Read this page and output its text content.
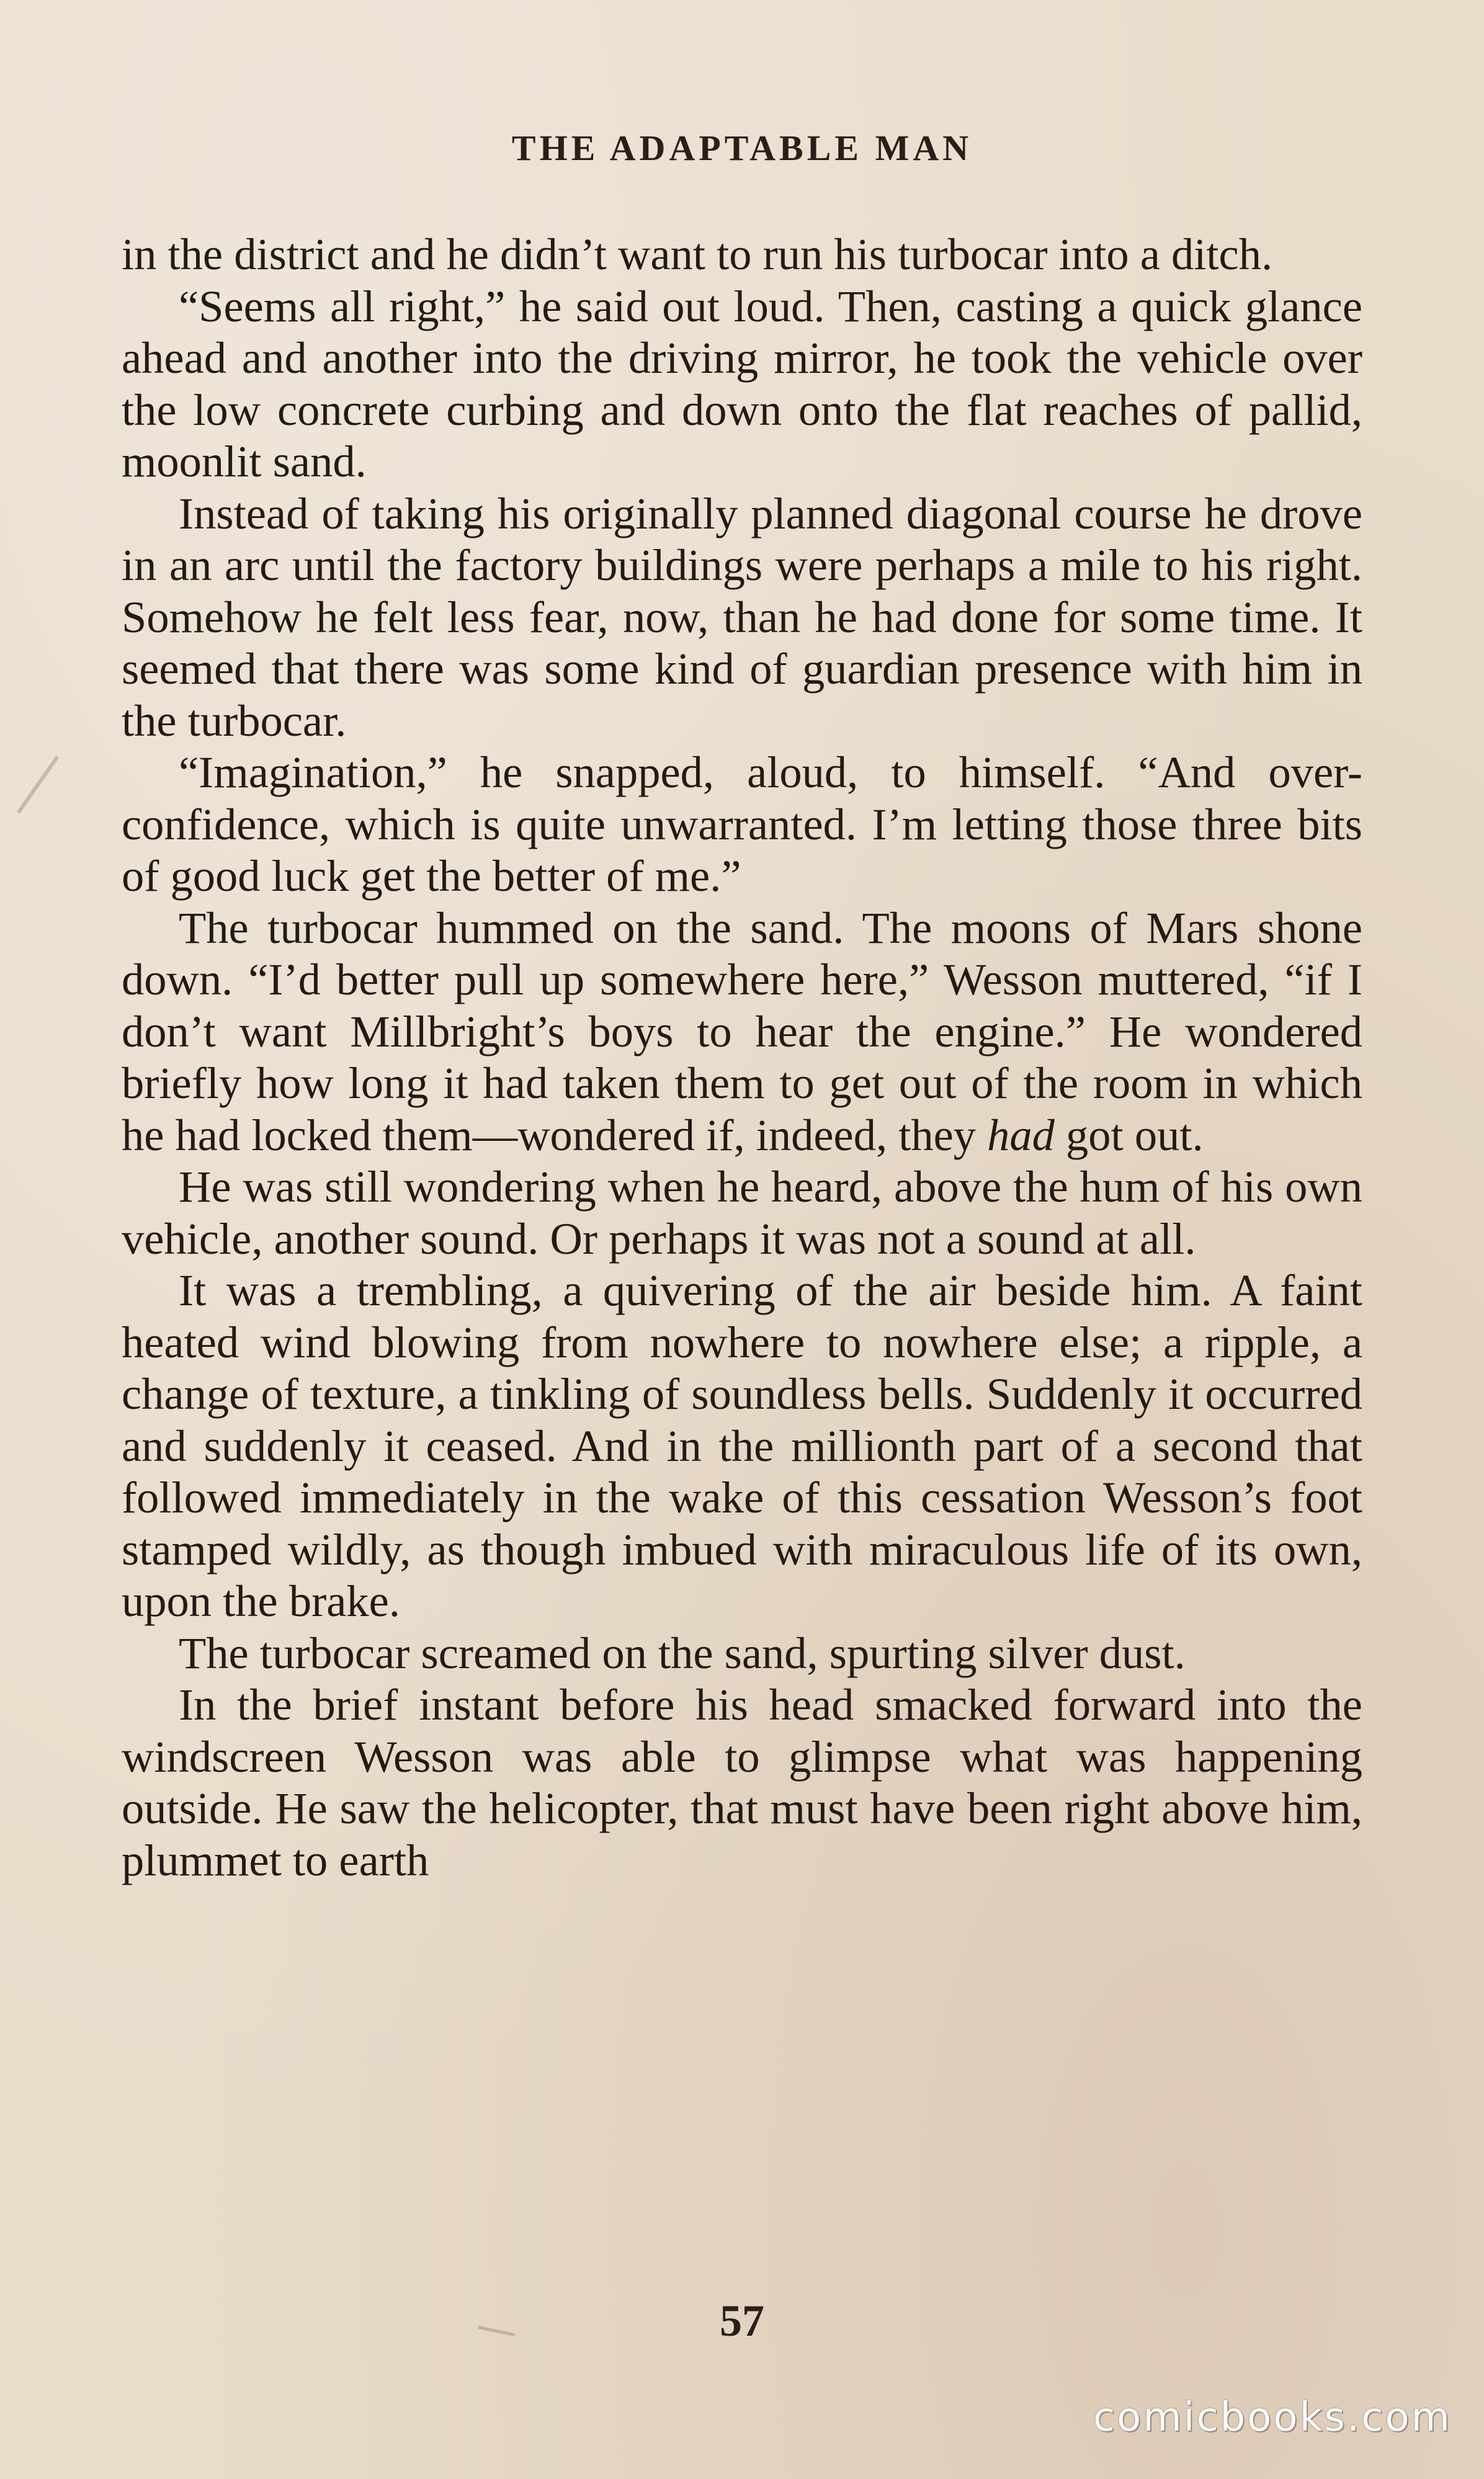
THE ADAPTABLE MAN

in the district and he didn’t want to run his turbocar into a ditch.

“Seems all right,” he said out loud. Then, casting a quick glance ahead and another into the driving mirror, he took the vehicle over the low concrete curbing and down onto the flat reaches of pallid, moonlit sand.

Instead of taking his originally planned diagonal course he drove in an arc until the factory buildings were perhaps a mile to his right. Somehow he felt less fear, now, than he had done for some time. It seemed that there was some kind of guardian presence with him in the turbocar.

“Imagination,” he snapped, aloud, to himself. “And over-confidence, which is quite unwarranted. I’m letting those three bits of good luck get the better of me.”

The turbocar hummed on the sand. The moons of Mars shone down. “I’d better pull up somewhere here,” Wesson muttered, “if I don’t want Millbright’s boys to hear the engine.” He wondered briefly how long it had taken them to get out of the room in which he had locked them—wondered if, indeed, they had got out.

He was still wondering when he heard, above the hum of his own vehicle, another sound. Or perhaps it was not a sound at all.

It was a trembling, a quivering of the air beside him. A faint heated wind blowing from nowhere to nowhere else; a ripple, a change of texture, a tinkling of soundless bells. Suddenly it occurred and suddenly it ceased. And in the millionth part of a second that followed immediately in the wake of this cessation Wesson’s foot stamped wildly, as though imbued with miraculous life of its own, upon the brake.

The turbocar screamed on the sand, spurting silver dust.

In the brief instant before his head smacked forward into the windscreen Wesson was able to glimpse what was happening outside. He saw the helicopter, that must have been right above him, plummet to earth

57
comicbooks.com
